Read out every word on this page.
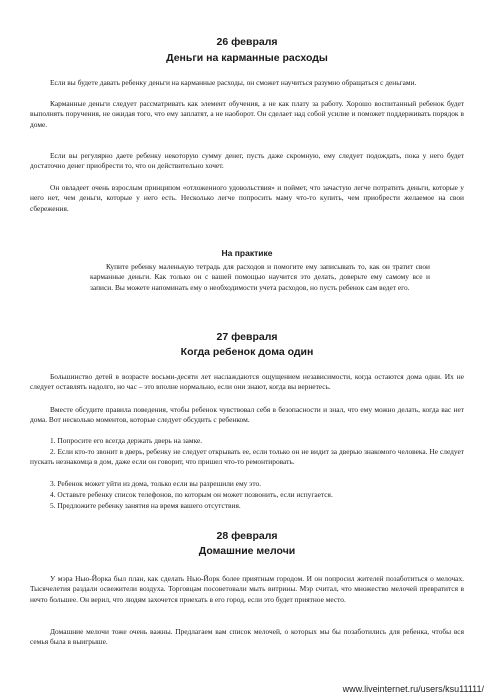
26 февраля
Деньги на карманные расходы

Если вы будете давать ребенку деньги на карманные расходы, он сможет научиться разумно обращаться с деньгами.

Карманные деньги следует рассматривать как элемент обучения, а не как плату за работу. Хорошо воспитанный ребенок будет выполнять поручения, не ожидая того, что ему заплатят, а не наоборот. Он сделает над собой усилие и поможет поддерживать порядок в доме.

Если вы регулярно даете ребенку некоторую сумму денег, пусть даже скромную, ему следует подождать, пока у него будет достаточно денег приобрести то, что он действительно хочет.

Он овладеет очень взрослым принципом «отложенного удовольствия» и поймет, что зачастую легче потратить деньги, которые у него нет, чем деньги, которые у него есть. Несколько легче попросить маму что-то купить, чем приобрести желаемое на свои сбережения.

На практике

Купите ребенку маленькую тетрадь для расходов и помогите ему записывать то, как он тратит свои карманные деньги. Как только он с вашей помощью научится это делать, доверьте ему самому все и записи. Вы можете напоминать ему о необходимости учета расходов, но пусть ребенок сам ведет его.

27 февраля
Когда ребенок дома один

Большинство детей в возрасте восьми-десяти лет наслаждаются ощущением независимости, когда остаются дома одни. Их не следует оставлять надолго, но час – это вполне нормально, если они знают, когда вы вернетесь.

Вместе обсудите правила поведения, чтобы ребенок чувствовал себя в безопасности и знал, что ему можно делать, когда вас нет дома. Вот несколько моментов, которые следует обсудить с ребенком.

1. Попросите его всегда держать дверь на замке.

2. Если кто-то звонит в дверь, ребенку не следует открывать ее, если только он не видит за дверью знакомого человека. Не следует пускать незнакомца в дом, даже если он говорит, что пришел что-то ремонтировать.

3. Ребенок может уйти из дома, только если вы разрешили ему это.

4. Оставьте ребенку список телефонов, по которым он может позвонить, если испугается.

5. Предложите ребенку занятия на время вашего отсутствия.

28 февраля
Домашние мелочи

У мэра Нью-Йорка был план, как сделать Нью-Йорк более приятным городом. И он попросил жителей позаботиться о мелочах. Тысячелетия раздали освежители воздуха. Торговцам посоветовали мыть витрины. Мэр считал, что множество мелочей превратится в нечто большее. Он верил, что людям захочется приехать в его город, если это будет приятное место.

Домашние мелочи тоже очень важны. Предлагаем вам список мелочей, о которых мы бы позаботились для ребенка, чтобы вся семья была в выигрыше.

www.liveinternet.ru/users/ksu11111/
